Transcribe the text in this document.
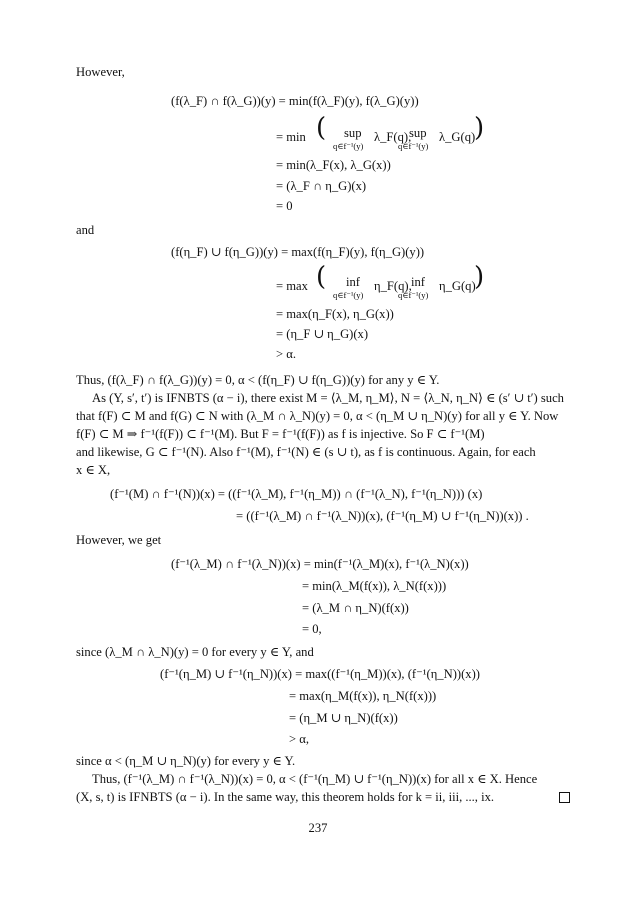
However,
(f(λ_F) ∩ f(λ_G))(y) = min(f(λ_F)(y), f(λ_G)(y))
= min ( sup
q∈f⁻¹(y)
λ_F(q),
sup
q∈f⁻¹(y)
λ_G(q)
)
= min(λ_F(x), λ_G(x))
= (λ_F ∩ η_G)(x)
= 0
and
(f(η_F) ∪ f(η_G))(y) = max(f(η_F)(y), f(η_G)(y))
= max ( inf
q∈f⁻¹(y)
η_F(q), inf
q∈f⁻¹(y)
η_G(q)
)
= max(η_F(x), η_G(x))
= (η_F ∪ η_G)(x)
> α.
Thus, (f(λ_F) ∩ f(λ_G))(y) = 0, α < (f(η_F) ∪ f(η_G))(y) for any y ∈ Y.
As (Y, s′, t′) is IFNBTS (α − i), there exist M = ⟨λ_M, η_M⟩, N = ⟨λ_N, η_N⟩ ∈ (s′ ∪ t′) such
that f(F) ⊂ M and f(G) ⊂ N with (λ_M ∩ λ_N)(y) = 0, α < (η_M ∪ η_N)(y) for all y ∈ Y. Now
f(F) ⊂ M ⇒ f⁻¹(f(F)) ⊂ f⁻¹(M). But F = f⁻¹(f(F)) as f is injective. So F ⊂ f⁻¹(M)
and likewise, G ⊂ f⁻¹(N). Also f⁻¹(M), f⁻¹(N) ∈ (s ∪ t), as f is continuous. Again, for each
x ∈ X,
(f⁻¹(M) ∩ f⁻¹(N))(x) = ((f⁻¹(λ_M), f⁻¹(η_M)) ∩ (f⁻¹(λ_N), f⁻¹(η_N))) (x)
= ((f⁻¹(λ_M) ∩ f⁻¹(λ_N))(x), (f⁻¹(η_M) ∪ f⁻¹(η_N))(x)) .
However, we get
(f⁻¹(λ_M) ∩ f⁻¹(λ_N))(x) = min(f⁻¹(λ_M)(x), f⁻¹(λ_N)(x))
= min(λ_M(f(x)), λ_N(f(x)))
= (λ_M ∩ η_N)(f(x))
= 0,
since (λ_M ∩ λ_N)(y) = 0 for every y ∈ Y, and
(f⁻¹(η_M) ∪ f⁻¹(η_N))(x) = max((f⁻¹(η_M))(x), (f⁻¹(η_N))(x))
= max(η_M(f(x)), η_N(f(x)))
= (η_M ∪ η_N)(f(x))
> α,
since α < (η_M ∪ η_N)(y) for every y ∈ Y.
Thus, (f⁻¹(λ_M) ∩ f⁻¹(λ_N))(x) = 0, α < (f⁻¹(η_M) ∪ f⁻¹(η_N))(x) for all x ∈ X. Hence
(X, s, t) is IFNBTS (α − i). In the same way, this theorem holds for k = ii, iii, ..., ix.
237
